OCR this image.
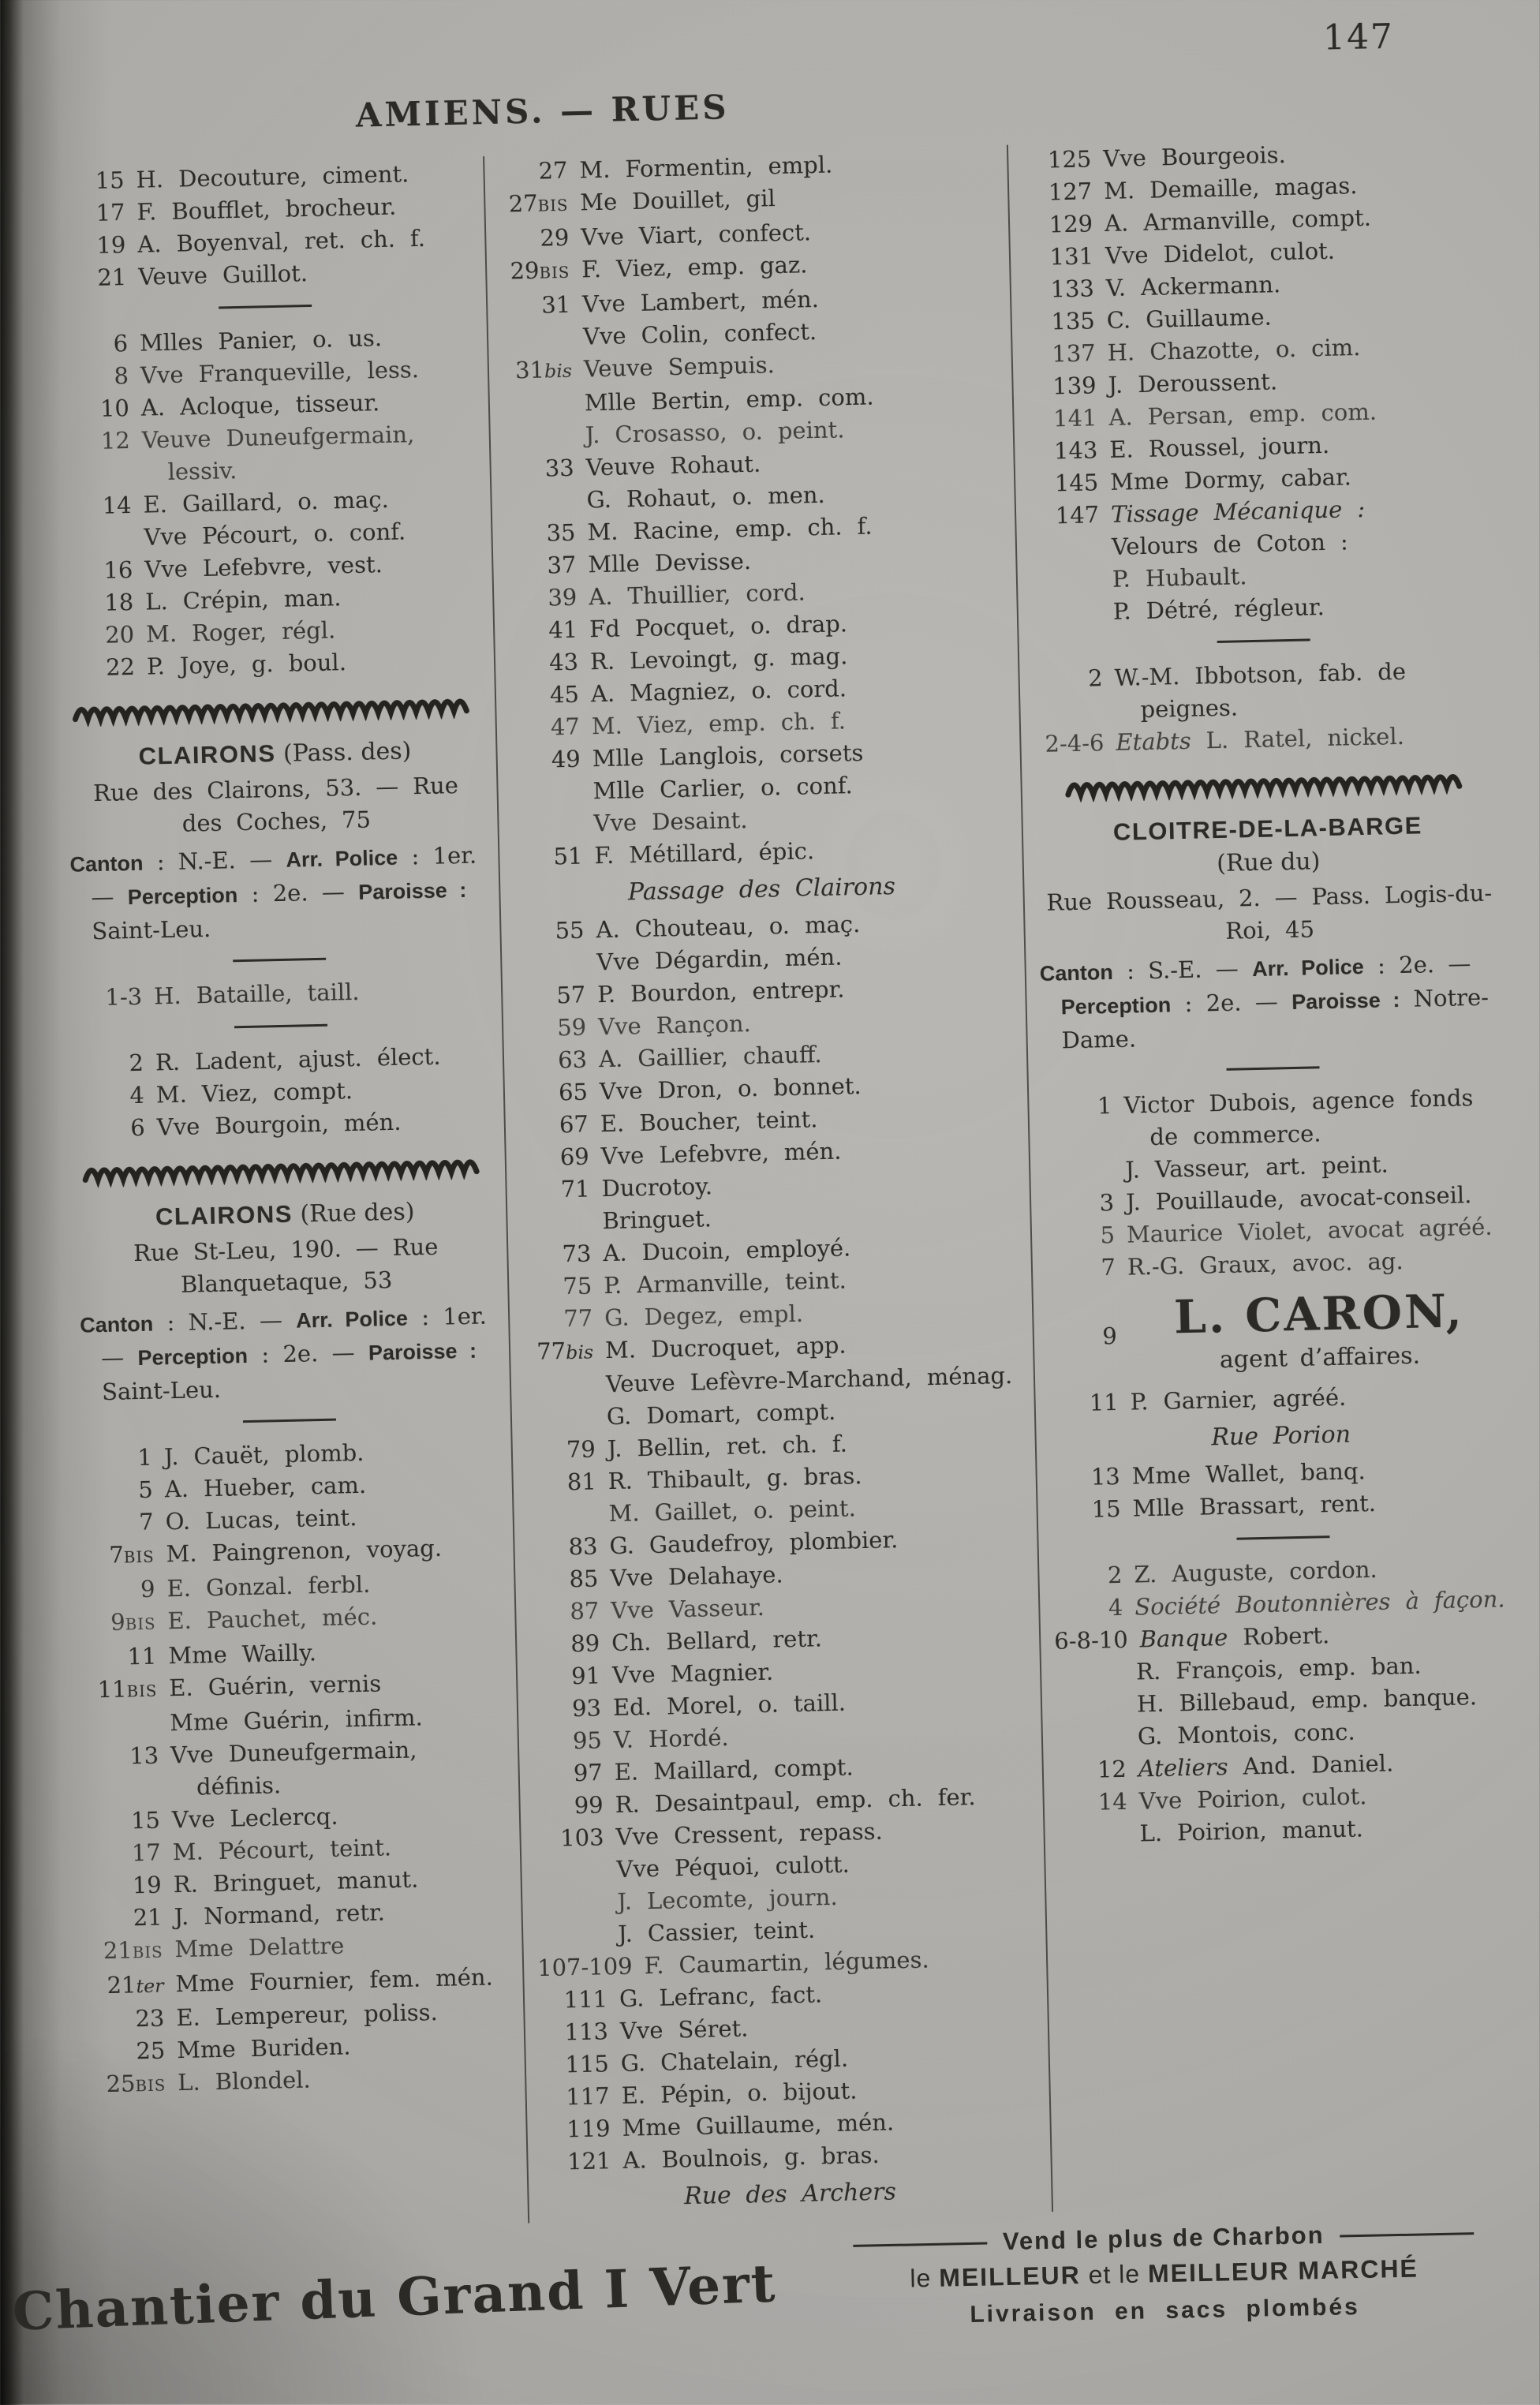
AMIENS. — RUES
147
15 H. Decouture, ciment.
17 F. Boufflet, brocheur.
19 A. Boyenval, ret. ch. f.
21 Veuve Guillot.
6 Mlles Panier, o. us.
8 Vve Franqueville, less.
10 A. Acloque, tisseur.
12 Veuve Duneufgermain, lessiv.
14 E. Gaillard, o. maç.
Vve Pécourt, o. conf.
16 Vve Lefebvre, vest.
18 L. Crépin, man.
20 M. Roger, régl.
22 P. Joye, g. boul.
CLAIRONS (Pass. des)
Rue des Clairons, 53. — Rue des Coches, 75
Canton : N.-E. — Arr. Police : 1er.— Perception : 2e. — Paroisse : Saint-Leu.
1-3 H. Bataille, taill.
2 R. Ladent, ajust. élect.
4 M. Viez, compt.
6 Vve Bourgoin, mén.
CLAIRONS (Rue des)
Rue St-Leu, 190. — Rue Blanquetaque, 53
Canton : N.-E. — Arr. Police : 1er.— Perception : 2e. — Paroisse : Saint-Leu.
1 J. Cauët, plomb.
5 A. Hueber, cam.
7 O. Lucas, teint.
7BIS M. Paingrenon, voyag.
9 E. Gonzal. ferbl.
9BIS E. Pauchet, méc.
11 Mme Wailly.
11BIS E. Guérin, vernis
Mme Guérin, infirm.
13 Vve Duneufgermain, définis.
15 Vve Leclercq.
17 M. Pécourt, teint.
19 R. Bringuet, manut.
21 J. Normand, retr.
21BIS Mme Delattre
21ter Mme Fournier, fem. mén.
23 E. Lempereur, poliss.
25 Mme Buriden.
25BIS L. Blondel.
27 M. Formentin, empl.
27BIS Me Douillet, gil
29 Vve Viart, confect.
29BIS F. Viez, emp. gaz.
31 Vve Lambert, mén.
Vve Colin, confect.
31bis Veuve Sempuis.
Mlle Bertin, emp. com.
J. Crosasso, o. peint.
33 Veuve Rohaut.
G. Rohaut, o. men.
35 M. Racine, emp. ch. f.
37 Mlle Devisse.
39 A. Thuillier, cord.
41 Fd Pocquet, o. drap.
43 R. Levoingt, g. mag.
45 A. Magniez, o. cord.
47 M. Viez, emp. ch. f.
49 Mlle Langlois, corsets
Mlle Carlier, o. conf.
Vve Desaint.
51 F. Métillard, épic.
Passage des Clairons
55 A. Chouteau, o. maç.
Vve Dégardin, mén.
57 P. Bourdon, entrepr.
59 Vve Rançon.
63 A. Gaillier, chauff.
65 Vve Dron, o. bonnet.
67 E. Boucher, teint.
69 Vve Lefebvre, mén.
71 Ducrotoy.
Bringuet.
73 A. Ducoin, employé.
75 P. Armanville, teint.
77 G. Degez, empl.
77bis M. Ducroquet, app.
Veuve Lefèvre-Marchand, ménag.
G. Domart, compt.
79 J. Bellin, ret. ch. f.
81 R. Thibault, g. bras.
M. Gaillet, o. peint.
83 G. Gaudefroy, plombier.
85 Vve Delahaye.
87 Vve Vasseur.
89 Ch. Bellard, retr.
91 Vve Magnier.
93 Ed. Morel, o. taill.
95 V. Hordé.
97 E. Maillard, compt.
99 R. Desaintpaul, emp. ch. fer.
103 Vve Cressent, repass.
Vve Péquoi, culott.
J. Lecomte, journ.
J. Cassier, teint.
107-109 F. Caumartin, légumes.
111 G. Lefranc, fact.
113 Vve Séret.
115 G. Chatelain, régl.
117 E. Pépin, o. bijout.
119 Mme Guillaume, mén.
121 A. Boulnois, g. bras.
Rue des Archers
125 Vve Bourgeois.
127 M. Demaille, magas.
129 A. Armanville, compt.
131 Vve Didelot, culot.
133 V. Ackermann.
135 C. Guillaume.
137 H. Chazotte, o. cim.
139 J. Deroussent.
141 A. Persan, emp. com.
143 E. Roussel, journ.
145 Mme Dormy, cabar.
147 Tissage Mécanique :
Velours de Coton :
P. Hubault.
P. Détré, régleur.
2 W.-M. Ibbotson, fab. de peignes.
2-4-6 Etabts L. Ratel, nickel.
CLOITRE-DE-LA-BARGE
(Rue du)
Rue Rousseau, 2. — Pass. Logis-du-Roi, 45
Canton : S.-E. — Arr. Police : 2e. — Perception : 2e. — Paroisse : Notre-Dame.
1 Victor Dubois, agence fonds de commerce.
J. Vasseur, art. peint.
3 J. Pouillaude, avocat-conseil.
5 Maurice Violet, avocat agréé.
7 R.-G. Graux, avoc. ag.
9	L. CARON,
agent d’affaires.
11 P. Garnier, agréé.
Rue Porion
13 Mme Wallet, banq.
15 Mlle Brassart, rent.
2 Z. Auguste, cordon.
4 Société Boutonnières à façon.
6-8-10 Banque Robert.
R. François, emp. ban.
H. Billebaud, emp. banque.
G. Montois, conc.
12 Ateliers And. Daniel.
14 Vve Poirion, culot.
L. Poirion, manut.
Chantier du Grand I Vert
Vend le plus de Charbon
le MEILLEUR et le MEILLEUR MARCHÉ
Livraison en sacs plombés
